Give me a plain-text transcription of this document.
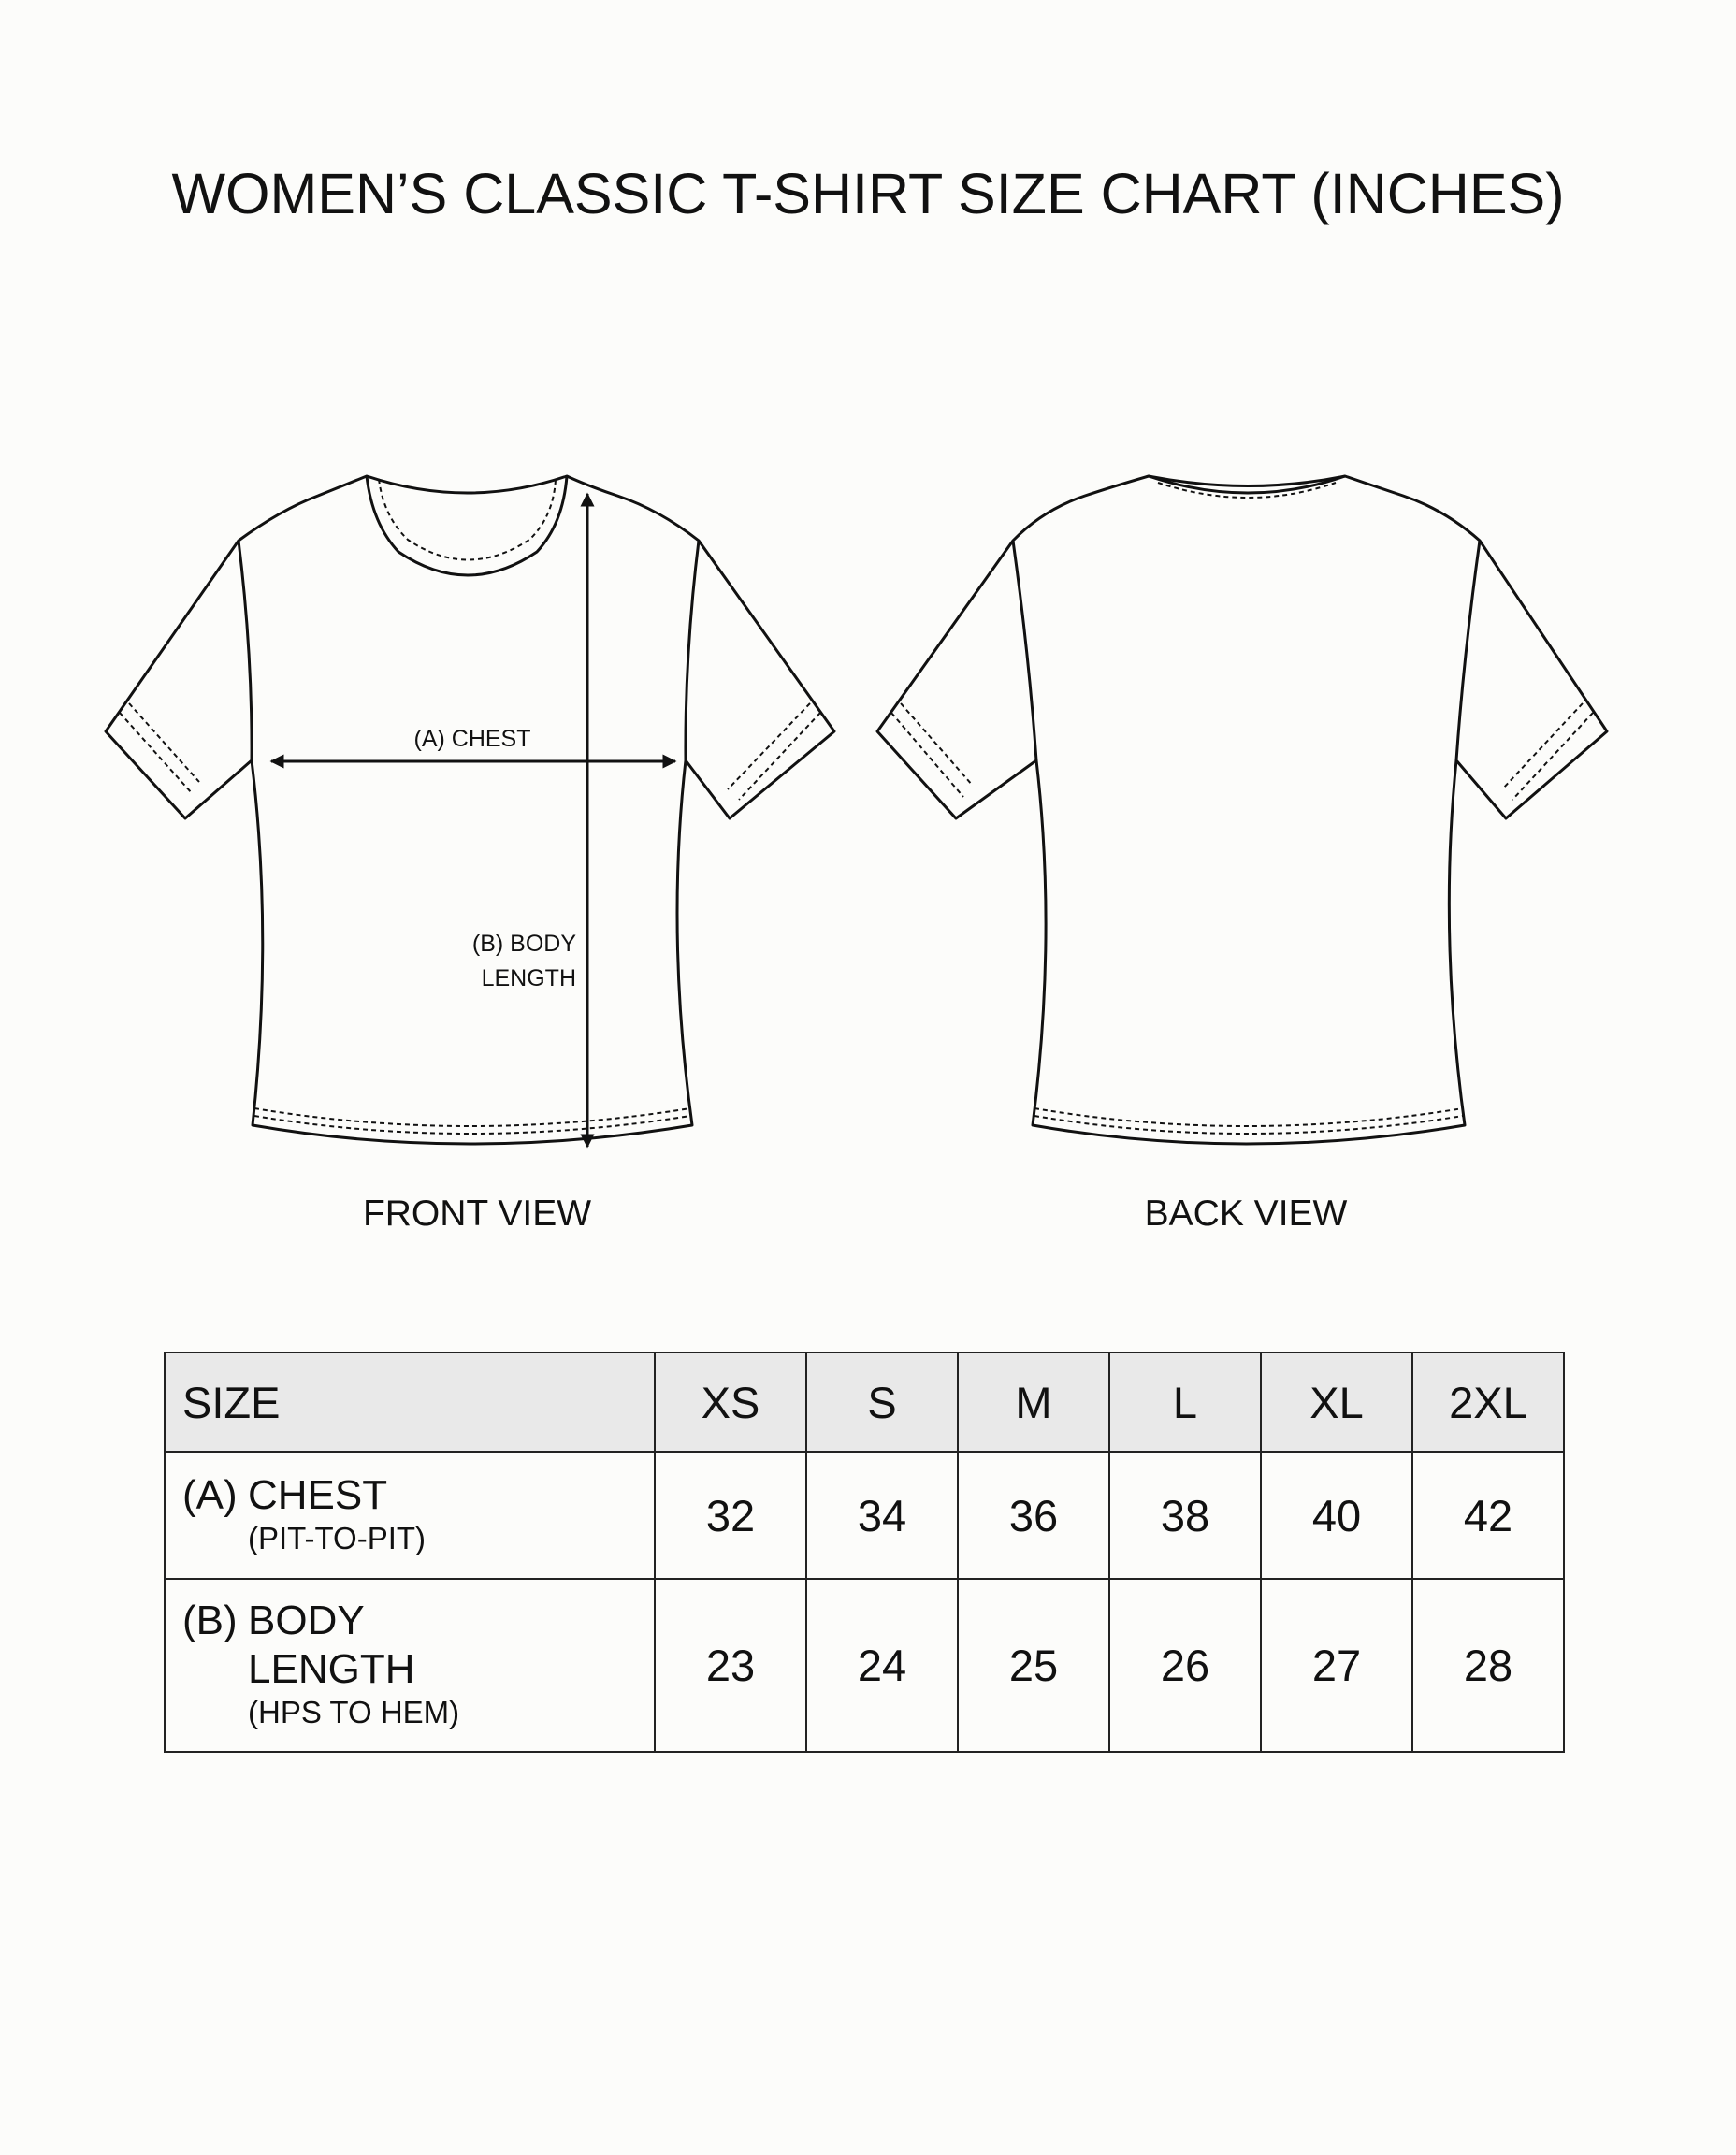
WOMEN’S CLASSIC T-SHIRT SIZE CHART (INCHES)
(A) CHEST
(B) BODY
LENGTH
FRONT VIEW	BACK VIEW
SIZE	XS	S	M	L	XL	2XL

(A) CHEST
(PIT-TO-PIT)	32	34	36	38	40	42

(B) BODY
LENGTH
(HPS TO HEM)	23	24	25	26	27	28
